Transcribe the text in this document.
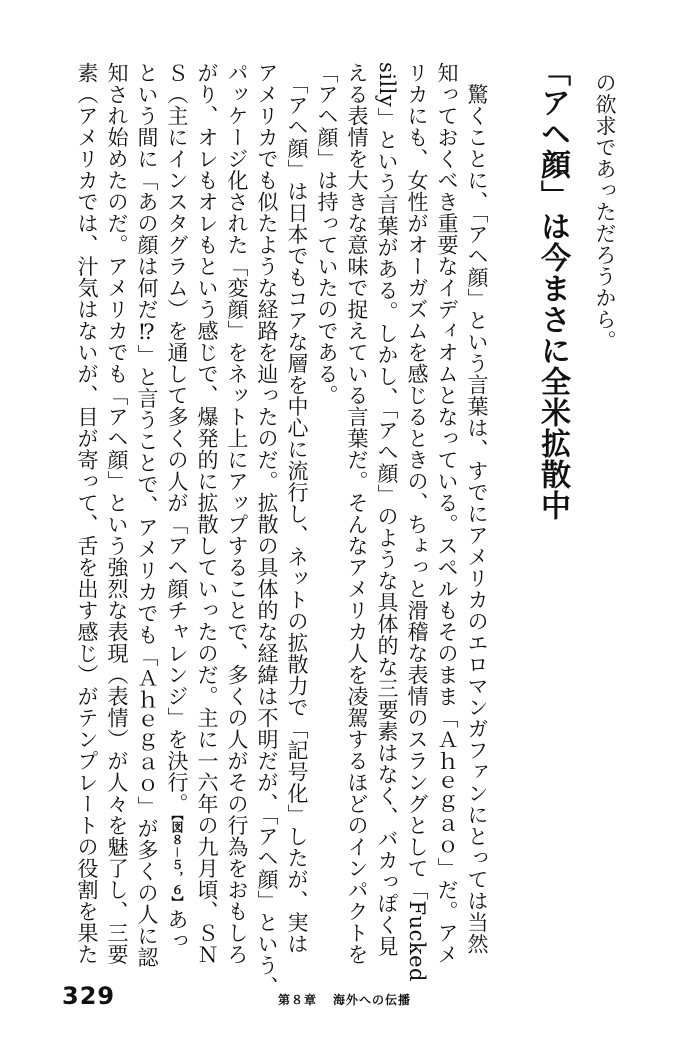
の欲求であっただろうから。
「アヘ顔」は今まさに全米拡散中
　驚くことに、「アヘ顔」という言葉は、すでにアメリカのエロマンガファンにとっては当然
知っておくべき重要なイディオムとなっている。スペルもそのまま「Ａｈｅｇａｏ」だ。アメ
リカにも、女性がオーガズムを感じるときの、ちょっと滑稽な表情のスラングとして「Fucked
silly」という言葉がある。しかし、「アへ顔」のような具体的な三要素はなく、バカっぽく見
える表情を大きな意味で捉えている言葉だ。そんなアメリカ人を凌駕するほどのインパクトを
「アヘ顔」は持っていたのである。
　「アヘ顔」は日本でもコアな層を中心に流行し、ネットの拡散力で「記号化」したが、実は
アメリカでも似たような経路を辿ったのだ。拡散の具体的な経緯は不明だが、「アヘ顔」という、
パッケージ化された「変顔」をネット上にアップすることで、多くの人がその行為をおもしろ
がり、オレもオレもという感じで、爆発的に拡散していったのだ。主に一六年の九月頃、ＳＮ
Ｓ（主にインスタグラム）を通して多くの人が「アヘ顔チャレンジ」を決行。【図８－５，６】あっ
という間に「あの顔は何だ⁉」と言うことで、アメリカでも「Ａｈｅｇａｏ」が多くの人に認
知され始めたのだ。アメリカでも「アヘ顔」という強烈な表現（表情）が人々を魅了し、三要
素（アメリカでは、汁気はないが、目が寄って、舌を出す感じ）がテンプレートの役割を果た
329	第８章 海外への伝播
